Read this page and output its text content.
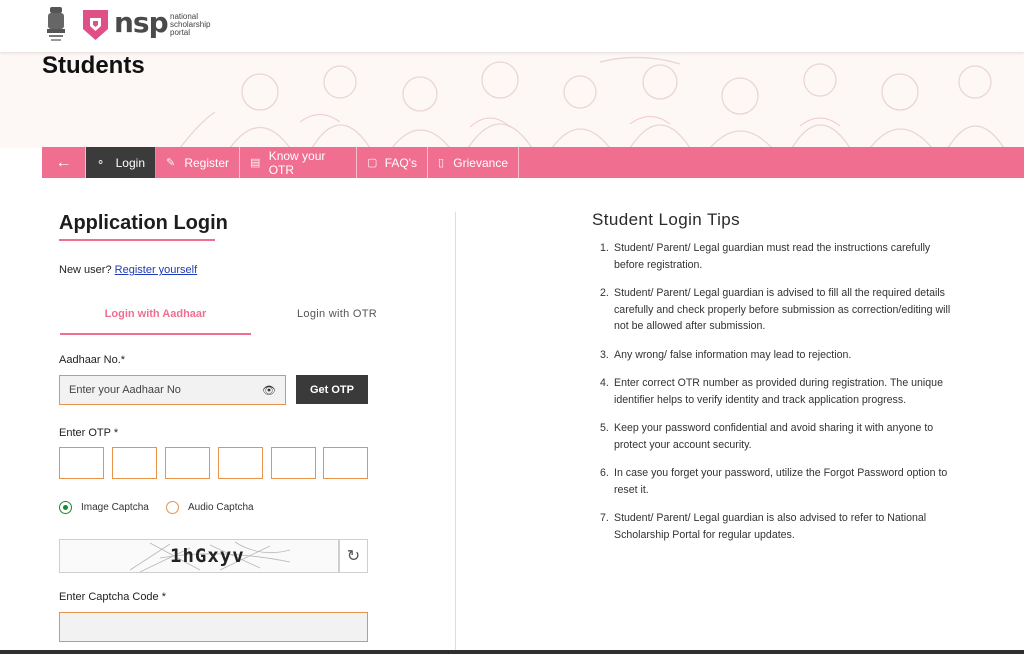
nsp national
scholarship
portal
Students
← ⚬ Login ✎ Register ▤
Know your OTR	▢ FAQ's ▯ Grievance
Application Login
New user? Register yourself
Login with Aadhaar	Login with OTR
Aadhaar No.*
Enter your Aadhaar No	👁	Get OTP
Enter OTP *
Image Captcha	Audio Captcha
1hGxyv	↻
Enter Captcha Code *
Student Login Tips
1. Student/ Parent/ Legal guardian must read the instructions carefully before registration.
2. Student/ Parent/ Legal guardian is advised to fill all the required details carefully and check properly before submission as correction/editing will not be allowed after submission.
3. Any wrong/ false information may lead to rejection.
4. Enter correct OTR number as provided during registration. The unique identifier helps to verify identity and track application progress.
5. Keep your password confidential and avoid sharing it with anyone to protect your account security.
6. In case you forget your password, utilize the Forgot Password option to reset it.
7. Student/ Parent/ Legal guardian is also advised to refer to National Scholarship Portal for regular updates.
